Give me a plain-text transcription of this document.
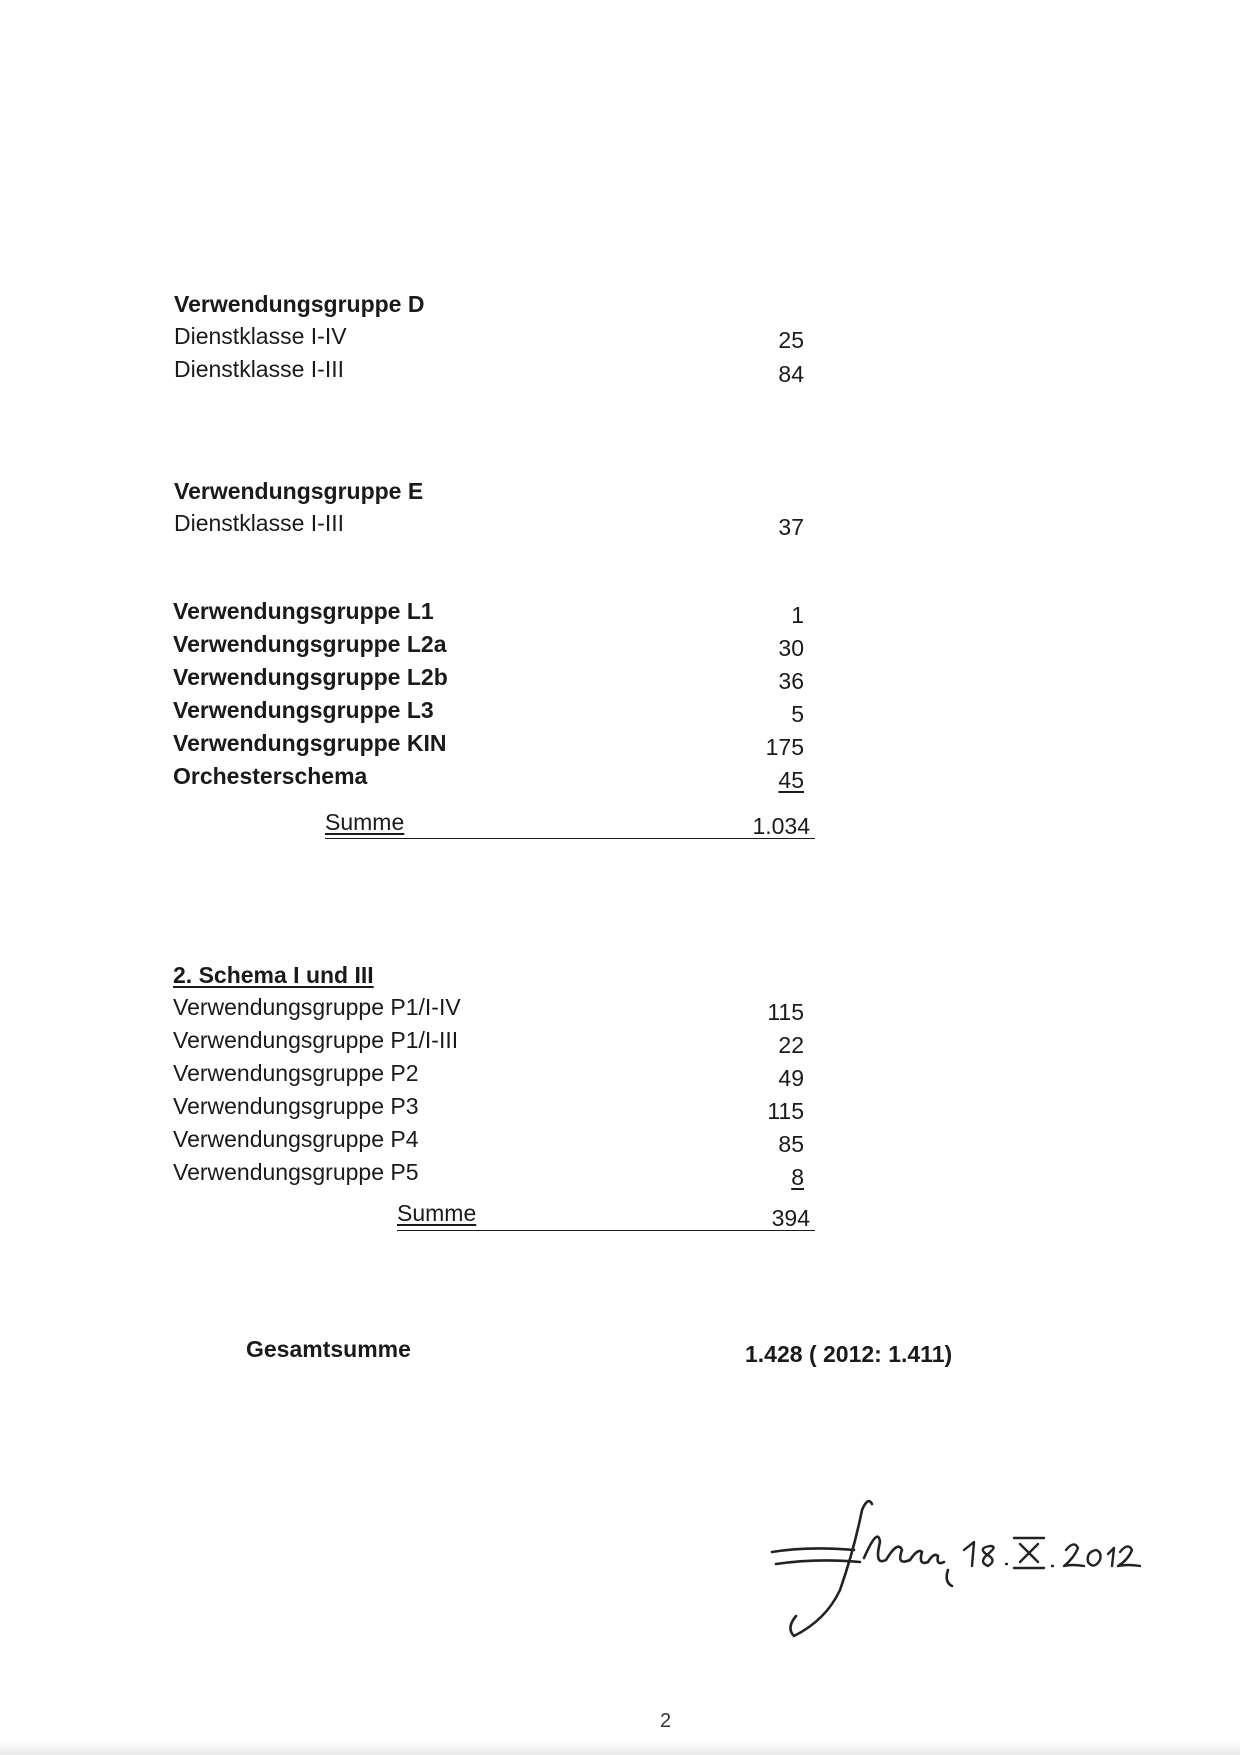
Verwendungsgruppe D
Dienstklasse I-IV	25
Dienstklasse I-III	84
Verwendungsgruppe E
Dienstklasse I-III	37
Verwendungsgruppe L1	1
Verwendungsgruppe L2a	30
Verwendungsgruppe L2b	36
Verwendungsgruppe L3	5
Verwendungsgruppe KIN	175
Orchesterschema	45
Summe	1.034
2. Schema I und III
Verwendungsgruppe P1/I-IV	115
Verwendungsgruppe P1/I-III	22
Verwendungsgruppe P2	49
Verwendungsgruppe P3	115
Verwendungsgruppe P4	85
Verwendungsgruppe P5	8
Summe	394
Gesamtsumme	1.428 ( 2012: 1.411)
2
